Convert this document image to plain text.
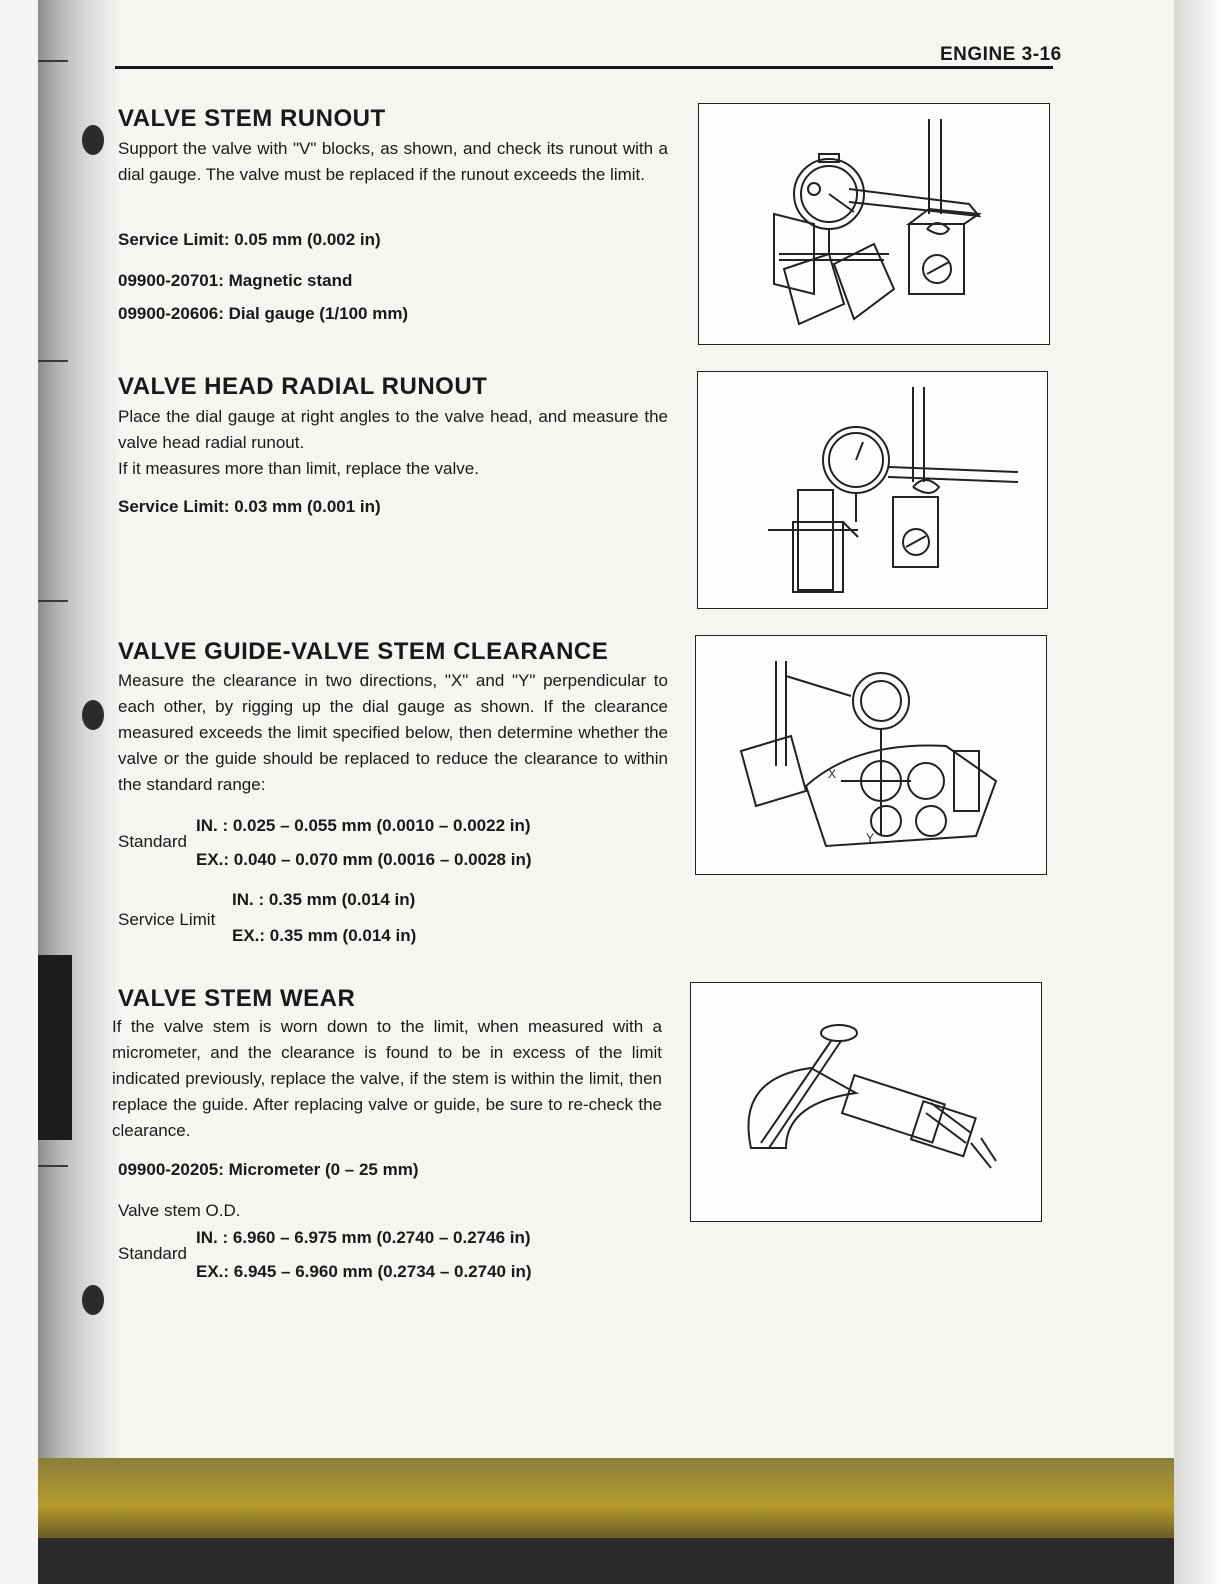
ENGINE 3-16
VALVE STEM RUNOUT
Support the valve with "V" blocks, as shown, and check its runout with a dial gauge. The valve must be replaced if the runout exceeds the limit.
Service Limit: 0.05 mm (0.002 in)
09900-20701: Magnetic stand
09900-20606: Dial gauge (1/100 mm)
VALVE HEAD RADIAL RUNOUT
Place the dial gauge at right angles to the valve head, and measure the valve head radial runout.
If it measures more than limit, replace the valve.
Service Limit: 0.03 mm (0.001 in)
VALVE GUIDE-VALVE STEM CLEARANCE
Measure the clearance in two directions, "X" and "Y" perpendicular to each other, by rigging up the dial gauge as shown. If the clearance measured exceeds the limit specified below, then determine whether the valve or the guide should be replaced to reduce the clearance to within the standard range:
Standard
IN. : 0.025 – 0.055 mm (0.0010 – 0.0022 in)
EX.: 0.040 – 0.070 mm (0.0016 – 0.0028 in)
Service Limit
IN. : 0.35 mm (0.014 in)
EX.: 0.35 mm (0.014 in)
VALVE STEM WEAR
If the valve stem is worn down to the limit, when measured with a micrometer, and the clearance is found to be in excess of the limit indicated previously, replace the valve, if the stem is within the limit, then replace the guide. After replacing valve or guide, be sure to re-check the clearance.
09900-20205: Micrometer (0 – 25 mm)
Valve stem O.D.
Standard
IN. : 6.960 – 6.975 mm (0.2740 – 0.2746 in)
EX.: 6.945 – 6.960 mm (0.2734 – 0.2740 in)
X
Y
